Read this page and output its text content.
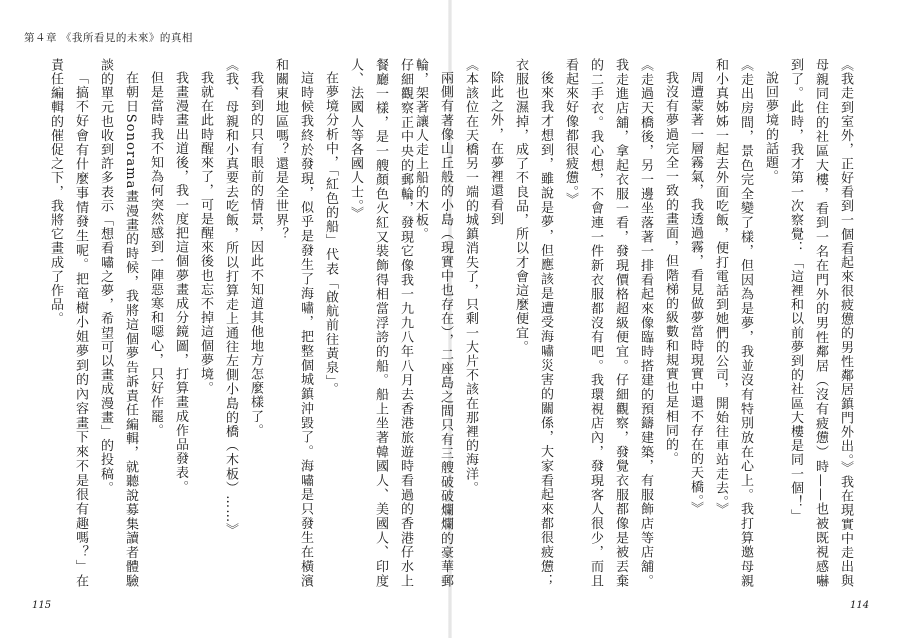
第４章 《我所看見的未來》的真相

仔細觀察正中央的郵輪，發現它像我一九九八年八月去香港旅遊時看過的香港仔水上餐廳一樣，是一艘顏色火紅又裝飾得相當浮誇的船。船上坐著韓國人、美國人、印度人、法國人等各國人士。》

在夢境分析中，「紅色的船」代表「啟航前往黃泉」。

這時候我終於發現，似乎是發生了海嘯，把整個城鎮沖毀了。海嘯是只發生在橫濱和關東地區嗎？還是全世界？

我看到的只有眼前的情景，因此不知道其他地方怎麼樣了。

《我、母親和小真要去吃飯，所以打算走上通往左側小島的橋（木板）……》

我就在此時醒來了，可是醒來後也忘不掉這個夢境。

我畫漫畫出道後，我一度把這個夢畫成分鏡圖，打算畫成作品發表。

但是當時我不知為何突然感到一陣惡寒和噁心，只好作罷。

在朝日Sonorama畫漫畫的時候，我將這個夢告訴責任編輯，就聽說募集讀者體驗談的單元也收到許多表示「想看嘯之夢，希望可以畫成漫畫」的投稿。

「搞不好會有什麼事情發生呢。把竜樹小姐夢到的內容畫下來不是很有趣嗎？」在責任編輯的催促之下，我將它畫成了作品。

115

《我走到室外，正好看到一個看起來很疲憊的男性鄰居鎮門外出。》我在現實中走出與母親同住的社區大樓，看到一名在門外的男性鄰居（沒有疲憊）時——也被既視感嚇到了。此時，我才第一次察覺：「這裡和以前夢到的社區大樓是同一個！」

說回夢境的話題。

《走出房間，景色完全變了樣，但因為是夢，我並沒有特別放在心上。我打算邀母親和小真姊姊一起去外面吃飯，便打電話到她們的公司，開始往車站走去。》

周遭蒙著一層霧氣，我透過霧，看見做夢當時現實中還不存在的天橋。》

我沒有夢過完全一致的畫面，但階梯的級數和規實也是相同的。

《走過天橋後，另一邊坐落著一排看起來像臨時搭建的預鑄建築，有服飾店等店舖。我走進店舖，拿起衣服一看，發現價格超級便宜。仔細觀察，發覺衣服都像是被丟棄的二手衣。我心想，不會連一件新衣服都沒有吧。我環視店內，發現客人很少，而且看起來好像都很疲憊。》

後來我才想到，雖說是夢，但應該是遭受海嘯災害的關係，大家看起來都很疲憊；衣服也濕掉，成了不良品，所以才會這麼便宜。

除此之外，在夢裡還看到

《本該位在天橋另一端的城鎮消失了，只剩一大片不該在那裡的海洋。

兩側有著像山丘般的小島（現實中也存在），二座島之間只有三艘破破爛爛的豪華郵輪，架著讓人走上船的木板。

114
